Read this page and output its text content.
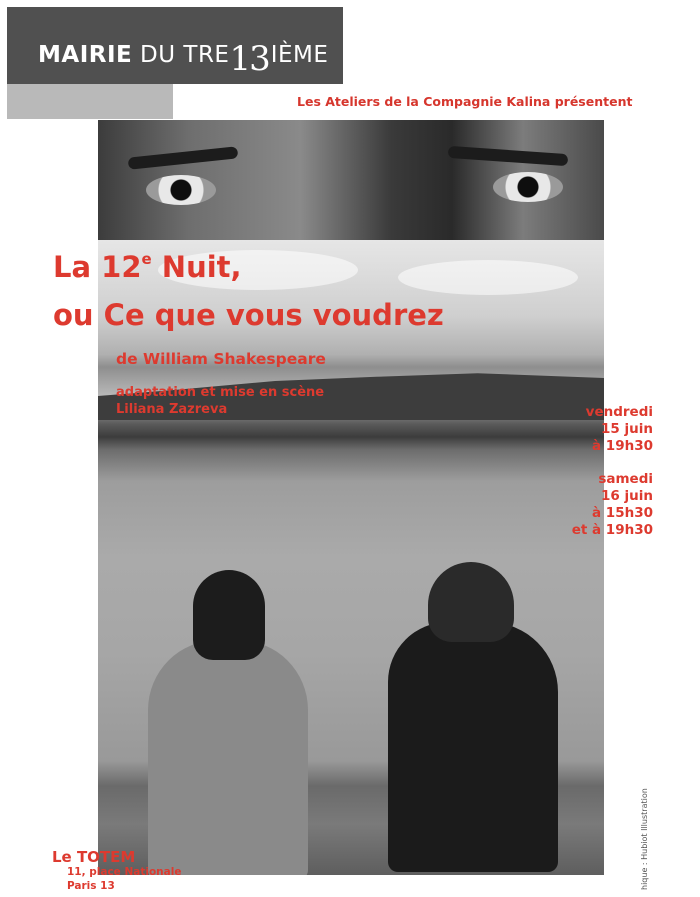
MAIRIE DU TRE13IÈME
Les Ateliers de la Compagnie Kalina présentent
La 12e Nuit,
ou Ce que vous voudrez
de William Shakespeare
adaptation et mise en scène
Liliana Zazreva	vendredi
15 juin
à 19h30
samedi
16 juin
à 15h30
et à 19h30
Le TOTEM
11, place Nationale
Paris 13	hique : Hubiot Illustration
